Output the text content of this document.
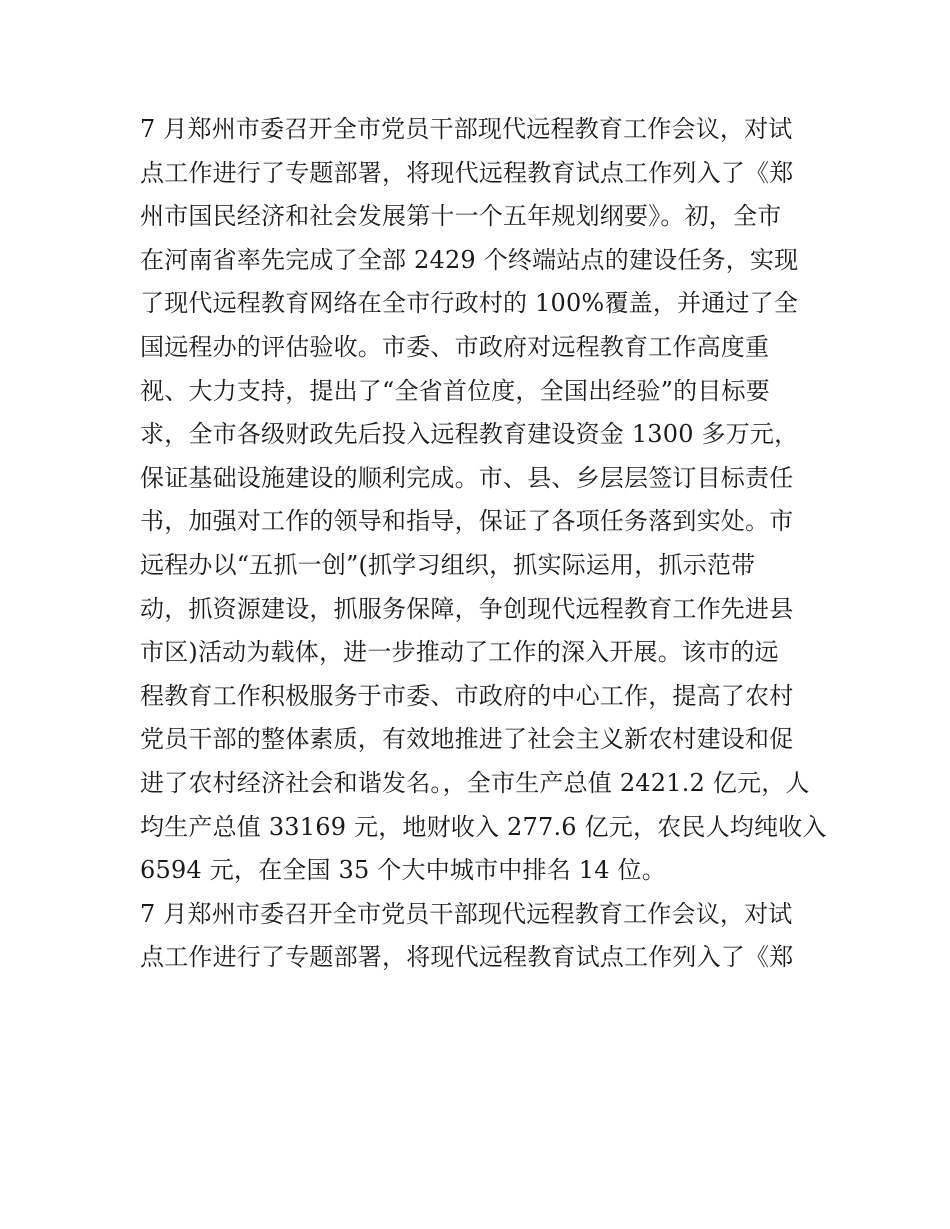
7 月郑州市委召开全市党员干部现代远程教育工作会议，对试
点工作进行了专题部署，将现代远程教育试点工作列入了《郑
州市国民经济和社会发展第十一个五年规划纲要》。初，全市
在河南省率先完成了全部 2429 个终端站点的建设任务，实现
了现代远程教育网络在全市行政村的 100%覆盖，并通过了全
国远程办的评估验收。市委、市政府对远程教育工作高度重
视、大力支持，提出了“全省首位度，全国出经验”的目标要
求，全市各级财政先后投入远程教育建设资金 1300 多万元，
保证基础设施建设的顺利完成。市、县、乡层层签订目标责任
书，加强对工作的领导和指导，保证了各项任务落到实处。市
远程办以“五抓一创”(抓学习组织，抓实际运用，抓示范带
动，抓资源建设，抓服务保障，争创现代远程教育工作先进县
市区)活动为载体，进一步推动了工作的深入开展。该市的远
程教育工作积极服务于市委、市政府的中心工作，提高了农村
党员干部的整体素质，有效地推进了社会主义新农村建设和促
进了农村经济社会和谐发名。，全市生产总值 2421.2 亿元，人
均生产总值 33169 元，地财收入 277.6 亿元，农民人均纯收入
6594 元，在全国 35 个大中城市中排名 14 位。
7 月郑州市委召开全市党员干部现代远程教育工作会议，对试
点工作进行了专题部署，将现代远程教育试点工作列入了《郑
